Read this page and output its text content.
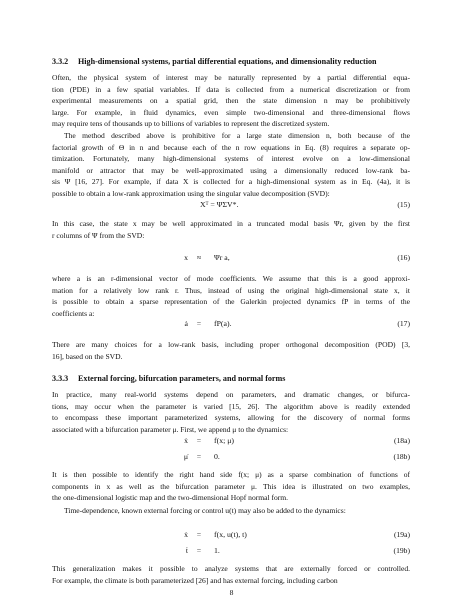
3.3.2 High-dimensional systems, partial differential equations, and dimensionality reduction
Often, the physical system of interest may be naturally represented by a partial differential equa-
tion (PDE) in a few spatial variables. If data is collected from a numerical discretization or from
experimental measurements on a spatial grid, then the state dimension n may be prohibitively
large. For example, in fluid dynamics, even simple two-dimensional and three-dimensional flows
may require tens of thousands up to billions of variables to represent the discretized system.
The method described above is prohibitive for a large state dimension n, both because of the
factorial growth of Θ in n and because each of the n row equations in Eq. (8) requires a separate op-
timization. Fortunately, many high-dimensional systems of interest evolve on a low-dimensional
manifold or attractor that may be well-approximated using a dimensionally reduced low-rank ba-
sis Ψ [16, 27]. For example, if data X is collected for a high-dimensional system as in Eq. (4a), it is
possible to obtain a low-rank approximation using the singular value decomposition (SVD):
Xᵀ = ΨΣV*.	(15)
In this case, the state x may be well approximated in a truncated modal basis Ψr, given by the first
r columns of Ψ from the SVD:
x	≈	Ψr a,	(16)
where a is an r-dimensional vector of mode coefficients. We assume that this is a good approxi-
mation for a relatively low rank r. Thus, instead of using the original high-dimensional state x, it
is possible to obtain a sparse representation of the Galerkin projected dynamics fP in terms of the
coefficients a:
ȧ	=	fP(a).	(17)
There are many choices for a low-rank basis, including proper orthogonal decomposition (POD) [3,
16], based on the SVD.
3.3.3 External forcing, bifurcation parameters, and normal forms
In practice, many real-world systems depend on parameters, and dramatic changes, or bifurca-
tions, may occur when the parameter is varied [15, 26]. The algorithm above is readily extended
to encompass these important parameterized systems, allowing for the discovery of normal forms
associated with a bifurcation parameter μ. First, we append μ to the dynamics:
ẋ	=	f(x; μ)	(18a)
μ̇	=	0.	(18b)
It is then possible to identify the right hand side f(x; μ) as a sparse combination of functions of
components in x as well as the bifurcation parameter μ. This idea is illustrated on two examples,
the one-dimensional logistic map and the two-dimensional Hopf normal form.
Time-dependence, known external forcing or control u(t) may also be added to the dynamics:
ẋ	=	f(x, u(t), t)	(19a)
ṫ	=	1.	(19b)
This generalization makes it possible to analyze systems that are externally forced or controlled.
For example, the climate is both parameterized [26] and has external forcing, including carbon
8
